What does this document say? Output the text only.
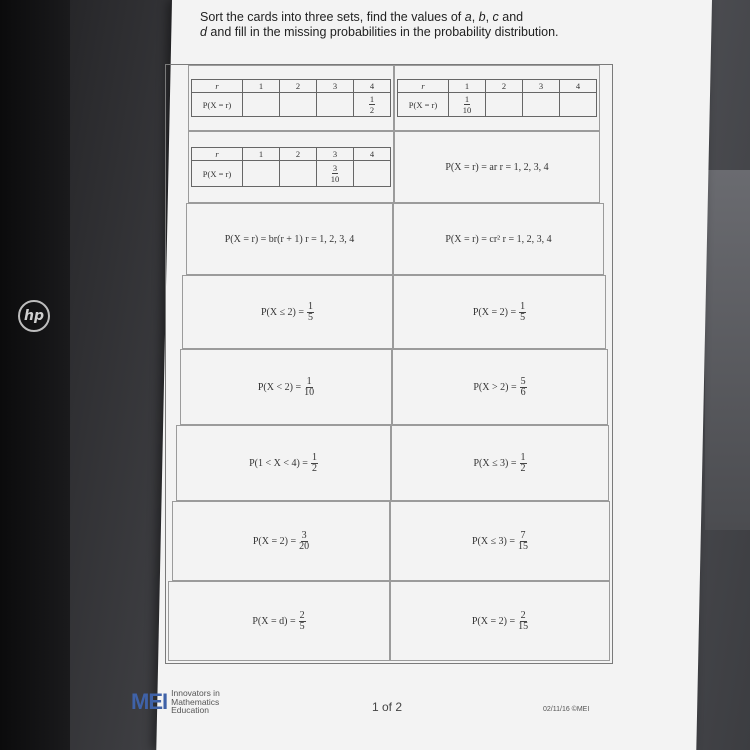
hp
Sort the cards into three sets, find the values of a, b, c and
d and fill in the missing probabilities in the probability distribution.
r	1	2	3	4
P(X = r)				$\frac{1}{2}$
r	1	2	3	4
P(X = r)	$\frac{1}{10}$

r	1	2	3	4
P(X = r)			$\frac{3}{10}$
		P(X = r) = ar r = 1, 2, 3, 4
P(X = r) = br(r + 1) r = 1, 2, 3, 4	P(X = r) = cr² r = 1, 2, 3, 4
$P(X \le 2) = \frac{1}{5}$	$P(X = 2) = \frac{1}{5}$
$P(X < 2) = \frac{1}{10}$	$P(X > 2) = \frac{5}{6}$
$P(1 < X < 4) = \frac{1}{2}$	$P(X \le 3) = \frac{1}{2}$
$P(X = 2) = \frac{3}{20}$	$P(X \le 3) = \frac{7}{15}$
$P(X = d) = \frac{2}{5}$	$P(X = 2) = \frac{2}{15}$
MEI Innovators in
Mathematics
Education	1 of 2	02/11/16 ©MEI
